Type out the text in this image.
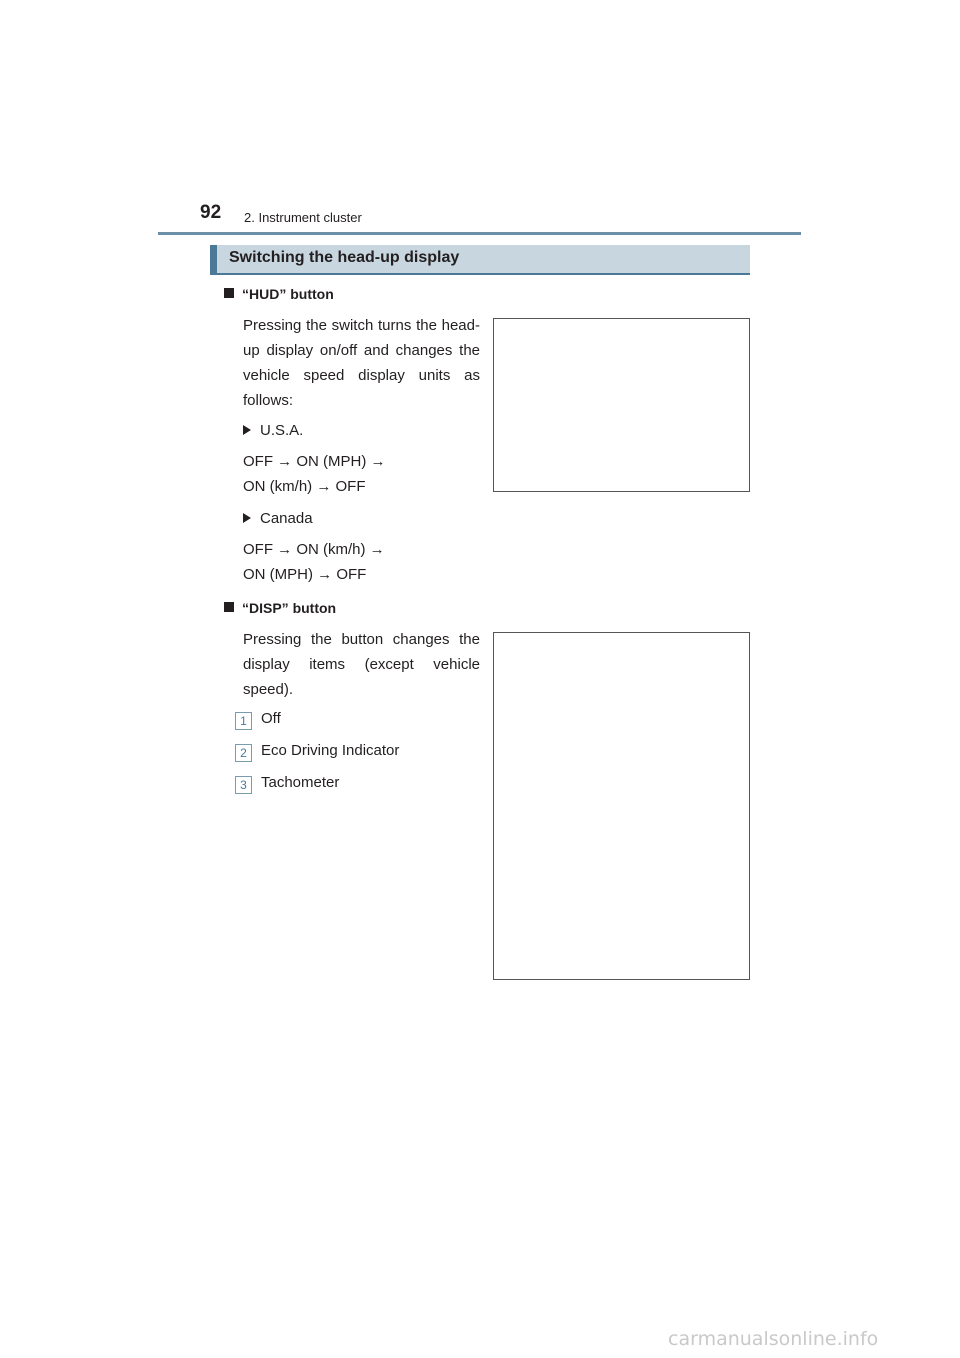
92 2. Instrument cluster
Switching the head-up display
“HUD” button
Pressing the switch turns the head-up display on/off and changes the vehicle speed display units as follows:
U.S.A.
OFF → ON (MPH) →
ON (km/h) → OFF
Canada
OFF → ON (km/h) →
ON (MPH) → OFF
“DISP” button
Pressing the button changes the display items (except vehicle speed).
1 Off
2 Eco Driving Indicator
3 Tachometer
carmanualsonline.info
